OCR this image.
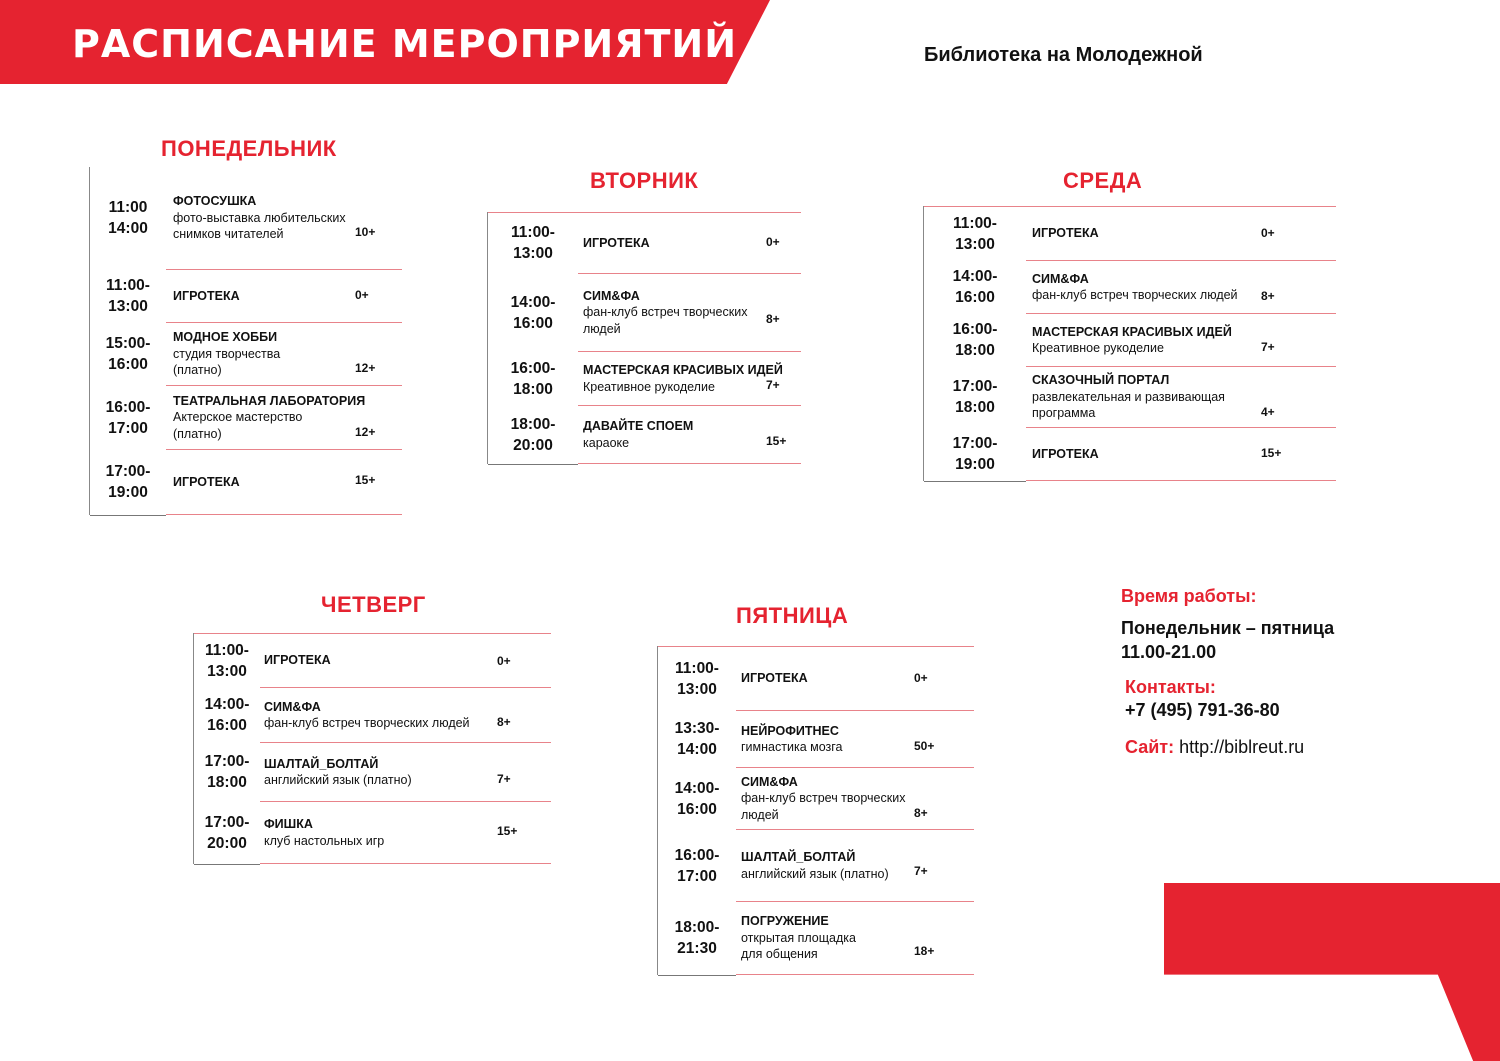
РАСПИСАНИЕ МЕРОПРИЯТИЙ	Библиотека на Молодежной
ПОНЕДЕЛЬНИК
ВТОРНИК	СРЕДА
ЧЕТВЕРГ	ПЯТНИЦА
11:00
14:00
ФОТОСУШКА
фото-выставка любительских
снимков читателей	10+
11:00-
13:00
ИГРОТЕКА	0+
15:00-
16:00
МОДНОЕ ХОББИ
студия творчества
(платно)	12+
16:00-
17:00
ТЕАТРАЛЬНАЯ ЛАБОРАТОРИЯ
Актерское мастерство
(платно)	12+
17:00-
19:00
ИГРОТЕКА	15+
11:00-
13:00
ИГРОТЕКА	0+
14:00-
16:00
СИМ&ФА
фан-клуб встреч творческих
людей
8+
16:00-
18:00
МАСТЕРСКАЯ КРАСИВЫХ ИДЕЙ
Креативное рукоделие	7+
18:00-
20:00
ДАВАЙТЕ СПОЕМ
караоке	15+
11:00-
13:00
ИГРОТЕКА	0+
14:00-
16:00
СИМ&ФА
фан-клуб встреч творческих людей	8+
16:00-
18:00
МАСТЕРСКАЯ КРАСИВЫХ ИДЕЙ
Креативное рукоделие	7+
17:00-
18:00
СКАЗОЧНЫЙ ПОРТАЛ
развлекательная и развивающая
программа	4+
17:00-
19:00
ИГРОТЕКА	15+
11:00-
13:00
ИГРОТЕКА	0+
14:00-
16:00
СИМ&ФА
фан-клуб встреч творческих людей	8+
17:00-
18:00
ШАЛТАЙ_БОЛТАЙ
английский язык (платно)	7+
17:00-
20:00
ФИШКА
клуб настольных игр
15+
11:00-
13:00
ИГРОТЕКА	0+
13:30-
14:00
НЕЙРОФИТНЕС
гимнастика мозга	50+
14:00-
16:00
СИМ&ФА
фан-клуб встреч творческих
людей	8+
16:00-
17:00
ШАЛТАЙ_БОЛТАЙ
английский язык (платно)	7+
18:00-
21:30
ПОГРУЖЕНИЕ
открытая площадка
для общения	18+
Время работы:
Понедельник – пятница
11.00-21.00
Контакты:
+7 (495) 791-36-80
Сайт: http://biblreut.ru
